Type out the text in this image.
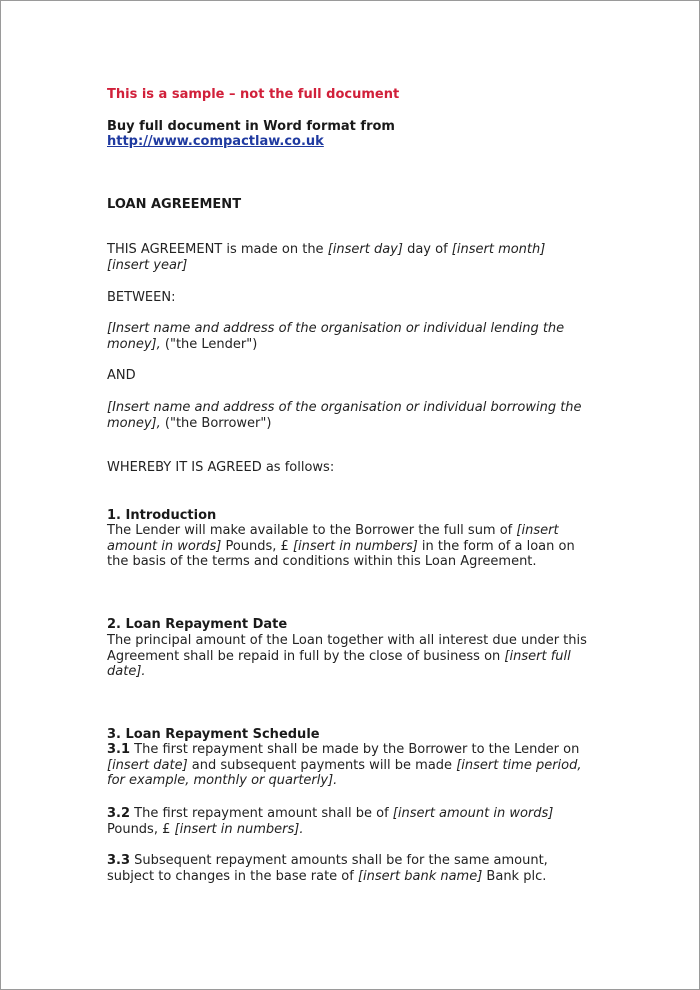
This is a sample – not the full document
Buy full document in Word format from
http://www.compactlaw.co.uk
LOAN AGREEMENT
THIS AGREEMENT is made on the [insert day] day of [insert month]
[insert year]
BETWEEN:
[Insert name and address of the organisation or individual lending the
money], ("the Lender")
AND
[Insert name and address of the organisation or individual borrowing the
money], ("the Borrower")
WHEREBY IT IS AGREED as follows:
1. Introduction
The Lender will make available to the Borrower the full sum of [insert
amount in words] Pounds, £ [insert in numbers] in the form of a loan on
the basis of the terms and conditions within this Loan Agreement.
2. Loan Repayment Date
The principal amount of the Loan together with all interest due under this
Agreement shall be repaid in full by the close of business on [insert full
date].
3. Loan Repayment Schedule
3.1 The first repayment shall be made by the Borrower to the Lender on
[insert date] and subsequent payments will be made [insert time period,
for example, monthly or quarterly].
3.2 The first repayment amount shall be of [insert amount in words]
Pounds, £ [insert in numbers].
3.3 Subsequent repayment amounts shall be for the same amount,
subject to changes in the base rate of [insert bank name] Bank plc.
